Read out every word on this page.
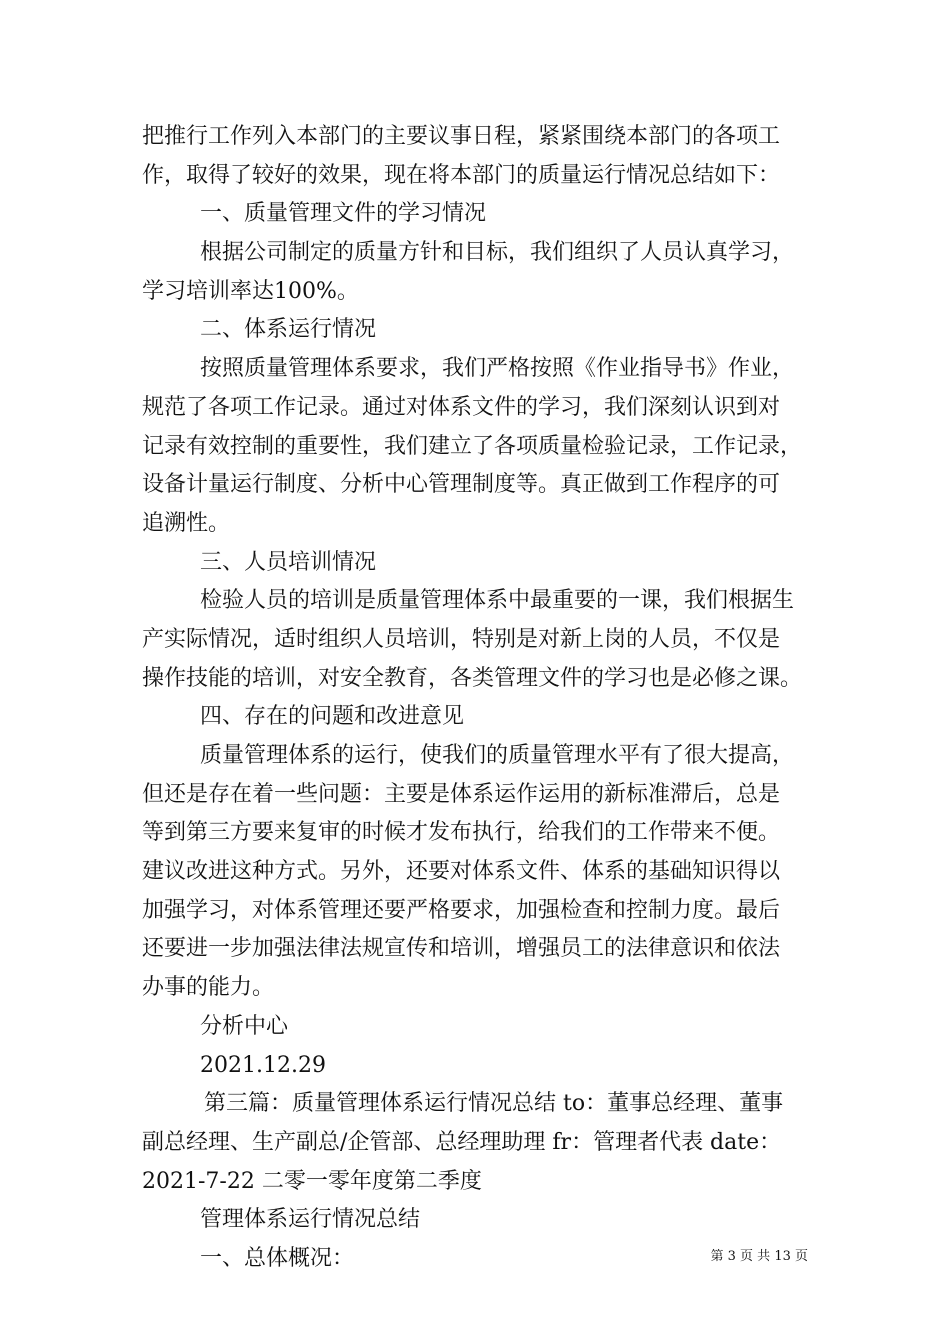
把推行工作列入本部门的主要议事日程，紧紧围绕本部门的各项工
作，取得了较好的效果，现在将本部门的质量运行情况总结如下：
一、质量管理文件的学习情况
根据公司制定的质量方针和目标，我们组织了人员认真学习，
学习培训率达100%。
二、体系运行情况
按照质量管理体系要求，我们严格按照《作业指导书》作业，
规范了各项工作记录。通过对体系文件的学习，我们深刻认识到对
记录有效控制的重要性，我们建立了各项质量检验记录，工作记录，
设备计量运行制度、分析中心管理制度等。真正做到工作程序的可
追溯性。
三、人员培训情况
检验人员的培训是质量管理体系中最重要的一课，我们根据生
产实际情况，适时组织人员培训，特别是对新上岗的人员，不仅是
操作技能的培训，对安全教育，各类管理文件的学习也是必修之课。
四、存在的问题和改进意见
质量管理体系的运行，使我们的质量管理水平有了很大提高，
但还是存在着一些问题：主要是体系运作运用的新标准滞后，总是
等到第三方要来复审的时候才发布执行，给我们的工作带来不便。
建议改进这种方式。另外，还要对体系文件、体系的基础知识得以
加强学习，对体系管理还要严格要求，加强检查和控制力度。最后
还要进一步加强法律法规宣传和培训，增强员工的法律意识和依法
办事的能力。
分析中心
2021.12.29
第三篇：质量管理体系运行情况总结 to：董事总经理、董事
副总经理、生产副总/企管部、总经理助理 fr：管理者代表 date：
2021-7-22 二零一零年度第二季度
管理体系运行情况总结
一、总体概况：	第 3 页 共 13 页
